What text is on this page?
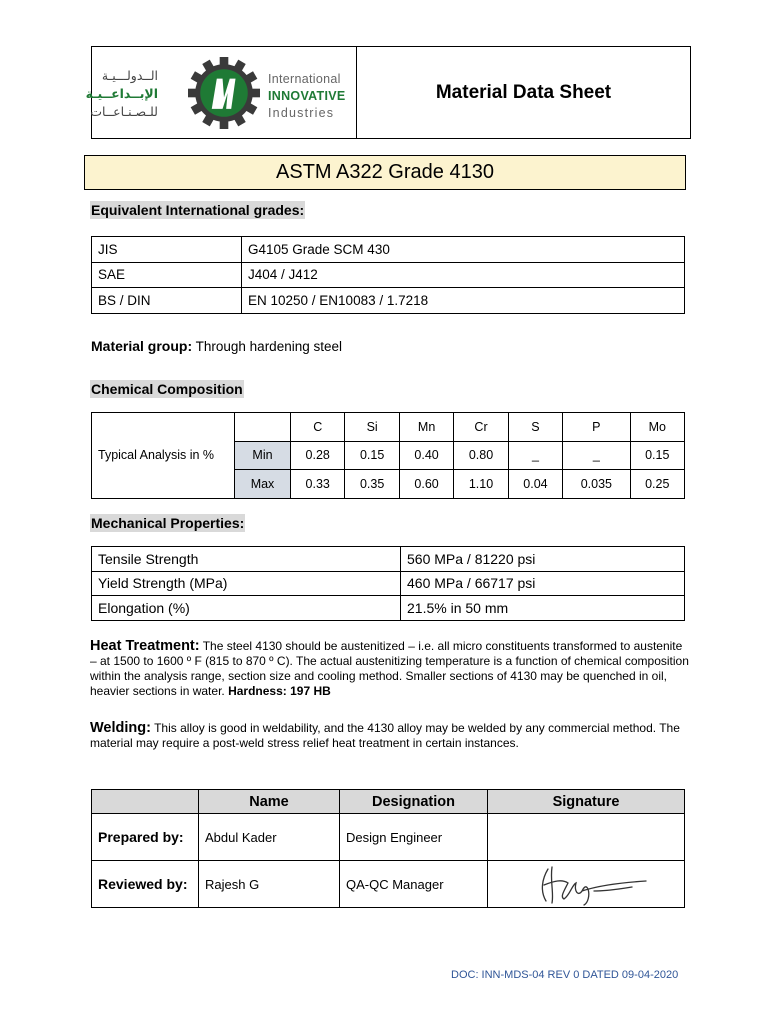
الــدولـــيـة
الإبــداعــيـة
للـصـنـاعــات
International
INNOVATIVE
Industries
Material Data Sheet
ASTM A322 Grade 4130
Equivalent International grades:
JIS	G4105 Grade SCM 430
SAE	J404 / J412
BS / DIN	EN 10250 / EN10083 / 1.7218
Material group: Through hardening steel
Chemical Composition
Typical Analysis in %		C	Si	Mn	Cr	S	P	Mo
	Min	0.28	0.15	0.40	0.80	_	_	0.15
	Max	0.33	0.35	0.60	1.10	0.04	0.035	0.25
Mechanical Properties:
Tensile Strength	560 MPa / 81220 psi
Yield Strength (MPa)	460 MPa / 66717 psi
Elongation (%)	21.5% in 50 mm
Heat Treatment: The steel 4130 should be austenitized – i.e. all micro constituents transformed to austenite – at 1500 to 1600 º F (815 to 870 º C). The actual austenitizing temperature is a function of chemical composition within the analysis range, section size and cooling method. Smaller sections of 4130 may be quenched in oil, heavier sections in water. Hardness: 197 HB
Welding: This alloy is good in weldability, and the 4130 alloy may be welded by any commercial method. The material may require a post-weld stress relief heat treatment in certain instances.
	Name	Designation	Signature
Prepared by:	Abdul Kader	Design Engineer	
Reviewed by:	Rajesh G	QA-QC Manager	
DOC: INN-MDS-04 REV 0 DATED 09-04-2020
